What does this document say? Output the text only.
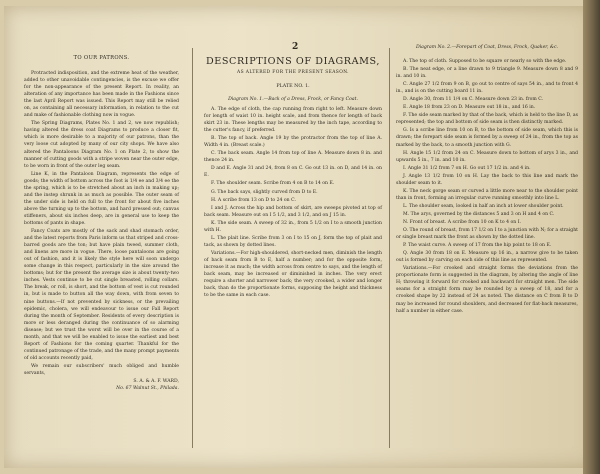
2
TO OUR PATRONS.

Protracted indisposition, and the extreme heat of the weather, added to other unavoidable contingencies, is the excuse we offer for the non-appearance of the present Report. In reality, an alteration of any importance has been made in the Fashions since the last April Report was issued. This Report may still be relied on, as containing all necessary information, in relation to the cut and make of fashionable clothing now in vogue.

The Spring Diagrams, Plates No. 1 and 2, we now republish; having altered the dress coat Diagrams to produce a closer fit, which is more desirable to a majority of our patrons, than the very loose cut adopted by many of our city shops. We have also altered the Pantaloons Diagram No. 1 on Plate 2, to show the manner of cutting goods with a stripe woven near the outer edge, to be worn in front of the outer leg seam.

Line K, in the Pantaloon Diagram, represents the edge of goods; the width of bottom across the foot is 1/4 ee and 3/4 ee the the spring, which is to be stretched about an inch in making up; and the instep shrunk in as much as possible. The outer seam of the under side is held on full to the front for about five inches above the turning up to the bottom, and hard pressed out; canvas stiffeners, about six inches deep, are in general use to keep the bottoms of pants in shape.

Fancy Coats are mostly of the sack and shad stomach order, and the latest reports from Paris inform us that striped and cross-barred goods are the ton; but have plain tweed, summer cloth, and linens are more in vogue. There, loose pantaloons are going out of fashion, and it is likely the style here will soon undergo some change in this respect, particularly in the size around the bottoms; but for the present the average size is about twenty-two inches. Vests continue to be cut single breasted, rolling collars. The break, or roll, is short, and the bottom of vest is cut rounded in, but is made to button all the way down, with from seven to nine buttons.—If not prevented by sickness, or the prevailing epidemic, cholera, we will endeavour to issue our Fall Report during the month of September. Residents of every description is more or less deranged during the continuance of so alarming disease; but we trust the worst will be over in the course of a month, and that we will be enabled to issue the earliest and best Report of Fashions for the coming quarter. Thankful for the continued patronage of the trade, and the many prompt payments of old accounts recently paid,

We remain our subscribers' much obliged and humble servants,

S. A. & A. F. WARD,
No. 67 Walnut St., Philada.
DESCRIPTIONS OF DIAGRAMS,
AS ALTERED FOR THE PRESENT SEASON.
PLATE NO. 1.
Diagram No. 1.—Back of a Dress, Frock, or Fancy Coat.

A. The edge of cloth, the cap running from right to left. Measure down for length of waist 10 in. height scale, and from thence for length of back skirt 23 in. These lengths may be measured by the inch tape, according to the cutter's fancy, if preferred.

B. The top of back. Angle 19 by the protractor from the top of line A. Width 4 in. (Breast scale.)

C. The back seam. Angle 14 from top of line A. Measure down 8 in. and thence 24 in.

D and E. Angle 31 and 24, from 8 on C. Go out 13 in. on D, and 14 in. on E.

F. The shoulder seam. Scribe from 4 on B to 14 on E.

G. The back says, slightly curved from D to E.

H. A scribe from 13 on D to 24 on C.

I and J. Across the hip and bottom of skirt, are sweeps pivoted at top of back seam. Measure out on I 5 1/2, and 3 1/2, and on J 15 in.

K. The side seam. A sweep of 32 in., from 5 1/2 on I to a smooth junction with H.

L. The plait line. Scribe from 3 on I to 15 on J, form the top of plait and tack, as shown by dotted lines.

Variations.—For high-shouldered, short-necked men, diminish the length of back seam from B to E, half a number; and for the opposite form, increase it as much; the width across from centre to says, and the length of back seam, may be increased or diminished in inches. The very erect require a shorter and narrower back; the very crooked, a wider and longer back, than do the proportionate forms, supposing the height and thickness to be the same in each case.

Diagram No. 2.—Forepart of Coat, Dress, Frock, Quaker, &c.

A. The top of cloth. Supposed to be square or nearly so with the edge.

B. The neat edge, or a line drawn to 9 triangle 9. Measure down 8 and 9 in. and 10 in.

C. Angle 27 1/2 from 9 on B, go out to centre of says 54 in., and to front 4 in., and is on the cutting board 11 in.

D. Angle 30, from 11 1/4 on C. Measure down 23 in. from C.

E. Angle 18 from 23 on D. Measure out 18 in., and 16 in.

F. The side seam marked by that of the back, which is held to the line D, as represented; the top and bottom of side seam is then distinctly marked.

G. Is a scribe line from 10 on B, to the bottom of side seam, which this is drawn; the forepart side seam is formed by a sweep of 24 in., from the top as marked by the back, to a smooth junction with G.

H. Angle 15 1/2 from 24 on C. Measure down to bottom of arys 3 in., and upwards 5 in., 7 in. and 10 in.

I. Angle 31 1/2 from 7 on H. Go out 17 1/2 in. and 4 in.

J. Angle 13 1/2 from 10 on H. Lay the back to this line and mark the shoulder seam to it.

K. The neck gorge seam or curved a little more near to the shoulder point than in front, forming an irregular curve running smoothly into line L.

L. The shoulder seam, looked in half an inch at lower shoulder point.

M. The arys, governed by the distances 5 and 3 on H and 4 on C.

N. Front of breast. A scribe from 10 on K to 4 on I.

O. The round of breast, from 17 1/2 on I to a junction with N; for a straight or single breast mark the front as shown by the dotted line.

P. The waist curve. A sweep of 17 from the hip point to 18 on E.

Q. Angle 30 from 18 on E. Measure up 16 in., a narrow give to be taken out is formed by carving on each side of this line as represented.

Variations.—For crooked and straight forms the deviations from the proportionate form is suggested in the diagram, by altering the angle of line H; throwing it forward for crooked and backward for straight men. The side seams for a straight form may be rounded by a sweep of 18, and for a crooked shape by 22 instead of 24 as noted. The distance on C from B to D may be increased for round shoulders, and decreased for flat-back measures, half a number in either case.
